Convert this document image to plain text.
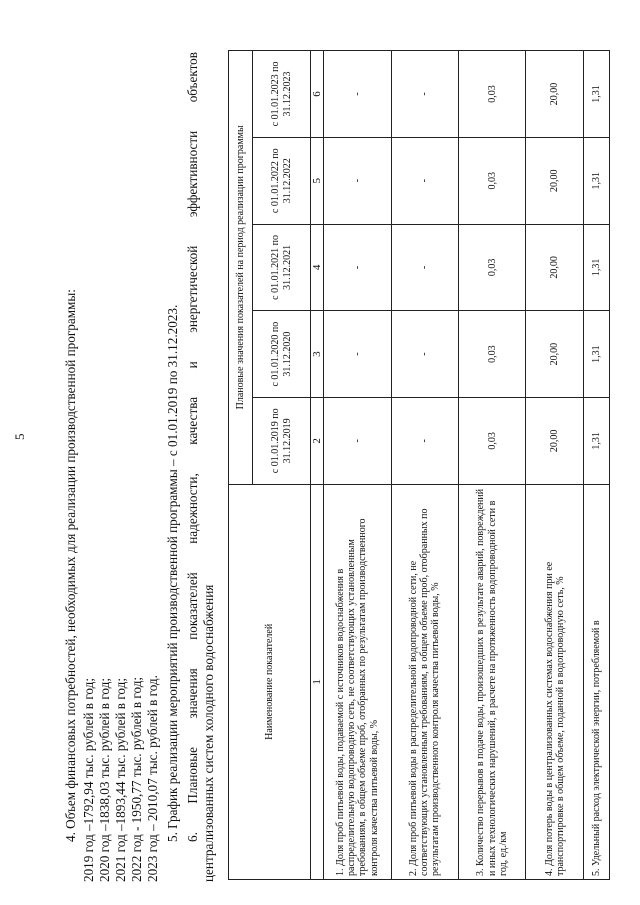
5	4. Объем финансовых потребностей, необходимых для реализации производственной программы: 2019 год –1792,94 тыс. рублей в год; 2020 год –1838,03 тыс. рублей в год; 2021 год –1893,44 тыс. рублей в год; 2022 год - 1950,77 тыс. рублей в год; 2023 год – 2010,07 тыс. рублей в год. 5. График реализации мероприятий производственной программы – с 01.01.2019 по 31.12.2023. 6. Плановые значения показателей надежности, качества и энергетической эффективности объектов централизованных систем холодного водоснабжения	Наименование показателей	Плановые значения показателей на период реализации программы				
	с 01.01.2019 по 31.12.2019	с 01.01.2020 по 31.12.2020	с 01.01.2021 по 31.12.2021	с 01.01.2022 по 31.12.2022	с 01.01.2023 по 31.12.2023
1	2	3	4	5	6
1. Доля проб питьевой воды, подаваемой с источников водоснабжения в распределительную водопроводную сеть, не соответствующих установленным требованиям, в общем объеме проб, отобранных по результатам производственного контроля качества питьевой воды, %	-	-	-	-	-
2. Доля проб питьевой воды в распределительной водопроводной сети, не соответствующих установленным требованиям, в общем объеме проб, отобранных по результатам производственного контроля качества питьевой воды, %	-	-	-	-	-
3. Количество перерывов в подаче воды, произошедших в результате аварий, повреждений и иных технологических нарушений, в расчете на протяженность водопроводной сети в год, ед./км	0,03	0,03	0,03	0,03	0,03
4. Доля потерь воды в централизованных системах водоснабжения при ее транспортировке в общем объеме, поданной в водопроводную сеть, %	20,00	20,00	20,00	20,00	20,00
5. Удельный расход электрической энергии, потребляемой в	1,31	1,31	1,31	1,31	1,31
